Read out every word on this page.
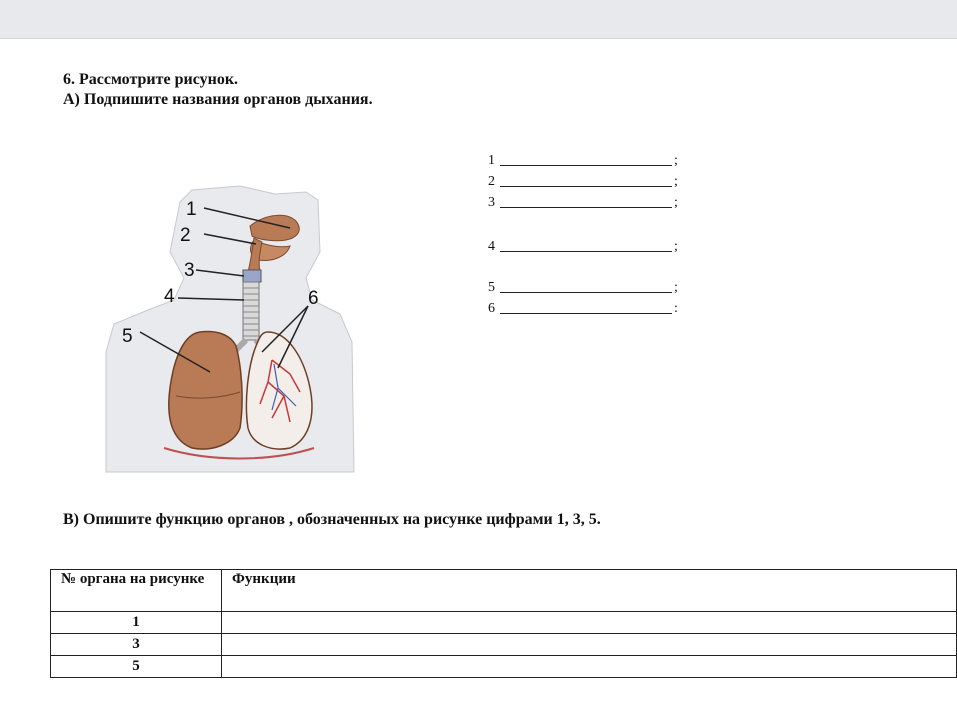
6. Рассмотрите рисунок.
А) Подпишите названия органов дыхания.
1
2
3
4
5
6
1	;
2	;
3	;
4	;
5	;
6	:
В) Опишите функцию органов , обозначенных на рисунке цифрами 1, 3, 5.
№ органа на рисунке	Функции
1	
3	
5	
